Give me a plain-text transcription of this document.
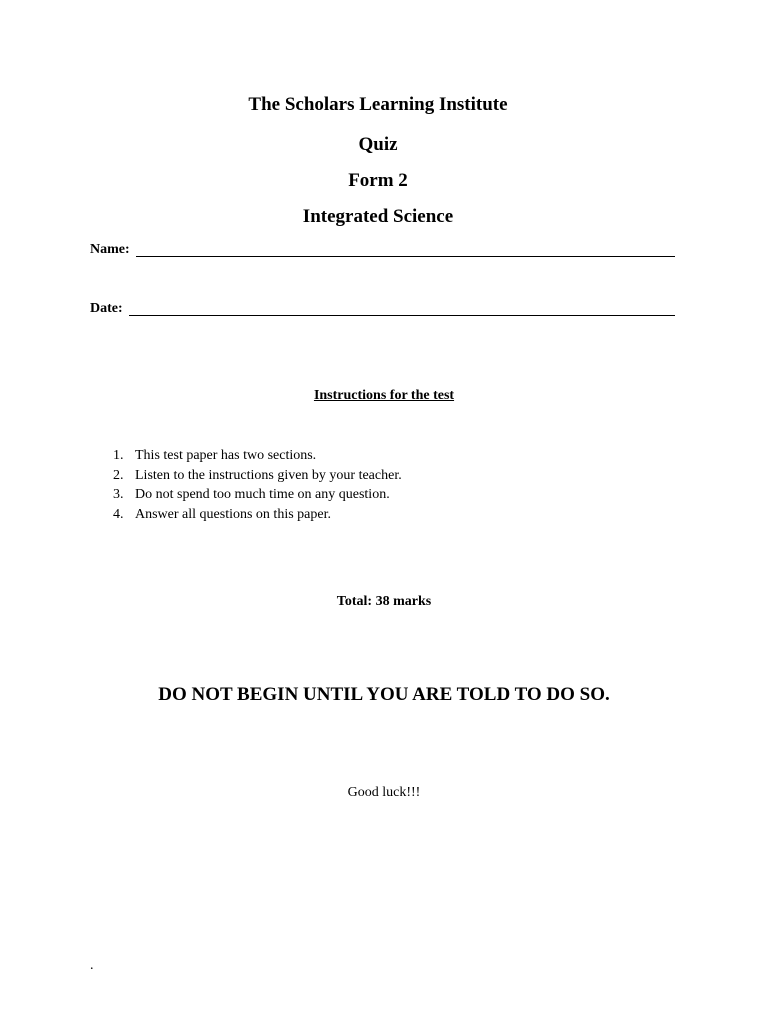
The Scholars Learning Institute
Quiz
Form 2
Integrated Science
Name:
Date:
Instructions for the test
1. This test paper has two sections.
2. Listen to the instructions given by your teacher.
3. Do not spend too much time on any question.
4. Answer all questions on this paper.
Total: 38 marks
DO NOT BEGIN UNTIL YOU ARE TOLD TO DO SO.
Good luck!!!
.
